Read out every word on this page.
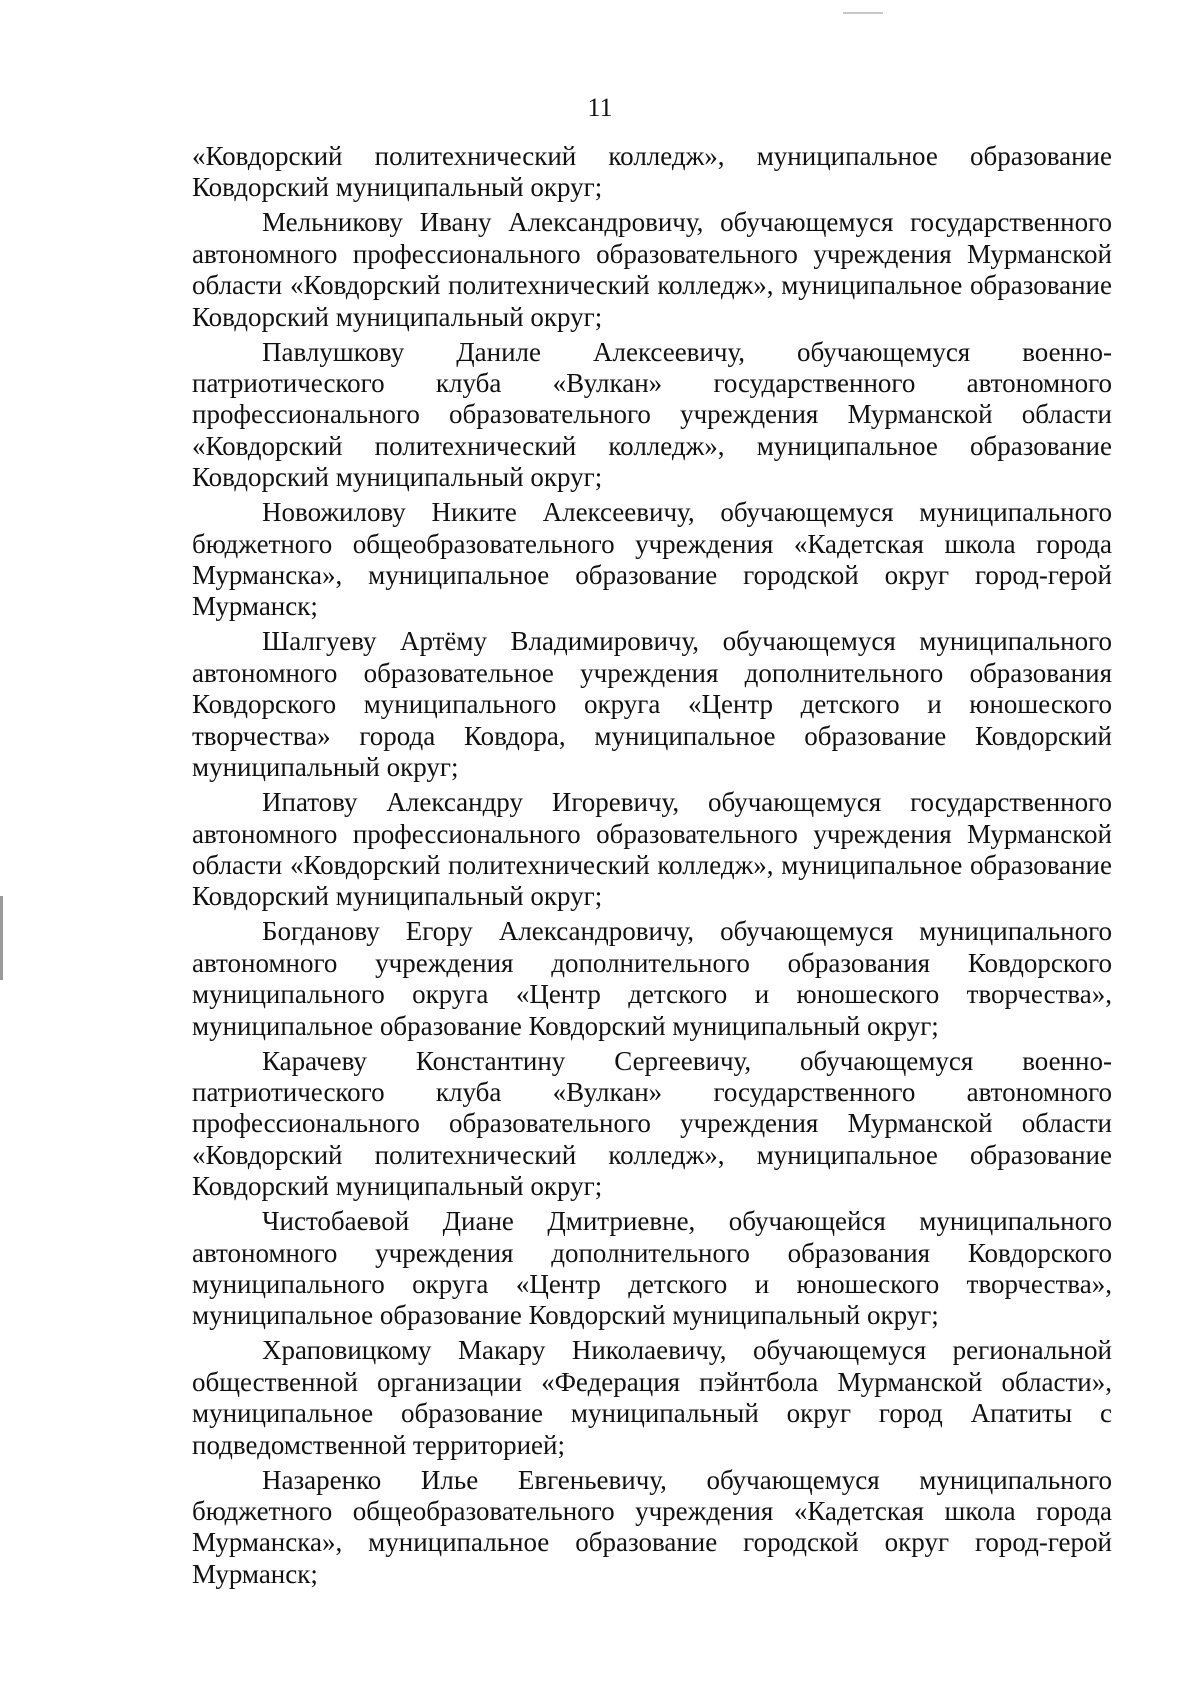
11

«Ковдорский политехнический колледж», муниципальное образование Ковдорский муниципальный округ;

Мельникову Ивану Александровичу, обучающемуся государственного автономного профессионального образовательного учреждения Мурманской области «Ковдорский политехнический колледж», муниципальное образование Ковдорский муниципальный округ;

Павлушкову Даниле Алексеевичу, обучающемуся военно-патриотического клуба «Вулкан» государственного автономного профессионального образовательного учреждения Мурманской области «Ковдорский политехнический колледж», муниципальное образование Ковдорский муниципальный округ;

Новожилову Никите Алексеевичу, обучающемуся муниципального бюджетного общеобразовательного учреждения «Кадетская школа города Мурманска», муниципальное образование городской округ город-герой Мурманск;

Шалгуеву Артёму Владимировичу, обучающемуся муниципального автономного образовательное учреждения дополнительного образования Ковдорского муниципального округа «Центр детского и юношеского творчества» города Ковдора, муниципальное образование Ковдорский муниципальный округ;

Ипатову Александру Игоревичу, обучающемуся государственного автономного профессионального образовательного учреждения Мурманской области «Ковдорский политехнический колледж», муниципальное образование Ковдорский муниципальный округ;

Богданову Егору Александровичу, обучающемуся муниципального автономного учреждения дополнительного образования Ковдорского муниципального округа «Центр детского и юношеского творчества», муниципальное образование Ковдорский муниципальный округ;

Карачеву Константину Сергеевичу, обучающемуся военно-патриотического клуба «Вулкан» государственного автономного профессионального образовательного учреждения Мурманской области «Ковдорский политехнический колледж», муниципальное образование Ковдорский муниципальный округ;

Чистобаевой Диане Дмитриевне, обучающейся муниципального автономного учреждения дополнительного образования Ковдорского муниципального округа «Центр детского и юношеского творчества», муниципальное образование Ковдорский муниципальный округ;

Храповицкому Макару Николаевичу, обучающемуся региональной общественной организации «Федерация пэйнтбола Мурманской области», муниципальное образование муниципальный округ город Апатиты с подведомственной территорией;

Назаренко Илье Евгеньевичу, обучающемуся муниципального бюджетного общеобразовательного учреждения «Кадетская школа города Мурманска», муниципальное образование городской округ город-герой Мурманск;
